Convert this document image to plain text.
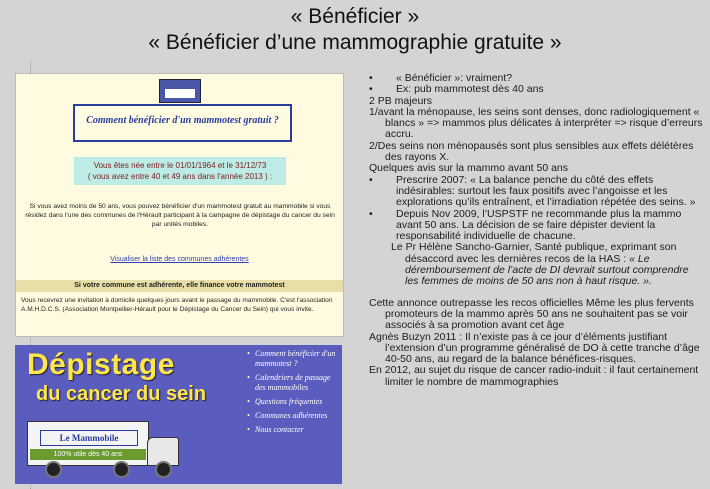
« Bénéficier »
« Bénéficier d’une mammographie gratuite »
Comment bénéficier d'un mammotest gratuit ?
Vous êtes née entre le 01/01/1964 et le 31/12/73
( vous avez entre 40 et 49 ans dans l'année 2013 ) :
Si vous avez moins de 50 ans, vous pouvez bénéficier d'un mammotest gratuit au mammobile si vous résidez dans l'une des communes de l'Hérault participant à la campagne de dépistage du cancer du sein par unités mobiles.
Visualiser la liste des communes adhérentes
Si votre commune est adhérente, elle finance votre mammotest
Vous recevrez une invitation à domicile quelques jours avant le passage du mammobile. C'est l'association A.M.H.D.C.S. (Association Montpellier-Hérault pour le Dépistage du Cancer du Sein) qui vous invite.
Dépistage
du cancer du sein
Le Mammobile
100% utile dès 40 ans
• Comment bénéficier d'un mammotest ?
• Calendriers de passage des mammobiles
• Questions fréquentes
• Communes adhérentes
• Nous contacter

• « Bénéficier »: vraiment?

• Ex: pub mammotest dès 40 ans

2 PB majeurs

1/avant la ménopause, les seins sont denses, donc radiologiquement « blancs » => mammos plus délicates à interpréter => risque d’erreurs accru.

2/Des seins non ménopausés sont plus sensibles aux effets délétères des rayons X.

Quelques avis sur la mammo avant 50 ans

• Prescrire 2007: « La balance penche du côté des effets indésirables: surtout les faux positifs avec l’angoisse et les explorations qu’ils entraînent, et l’irradiation répétée des seins. »

• Depuis Nov 2009, l’USPSTF ne recommande plus la mammo avant 50 ans. La décision de se faire dépister devient la responsabilité individuelle de chacune.

Le Pr Hélène Sancho-Garnier, Santé publique, exprimant son désaccord avec les dernières recos de la HAS : « Le déremboursement de l’acte de DI devrait surtout comprendre les femmes de moins de 50 ans non à haut risque. ».

Cette annonce outrepasse les recos officielles Même les plus fervents promoteurs de la mammo après 50 ans ne souhaitent pas se voir associés à sa promotion avant cet âge

Agnès Buzyn 2011 : Il n’existe pas à ce jour d’éléments justifiant l’extension d’un programme généralisé de DO à cette tranche d’âge 40-50 ans, au regard de la balance bénéfices-risques.

En 2012, au sujet du risque de cancer radio-induit : il faut certainement limiter le nombre de mammographies
